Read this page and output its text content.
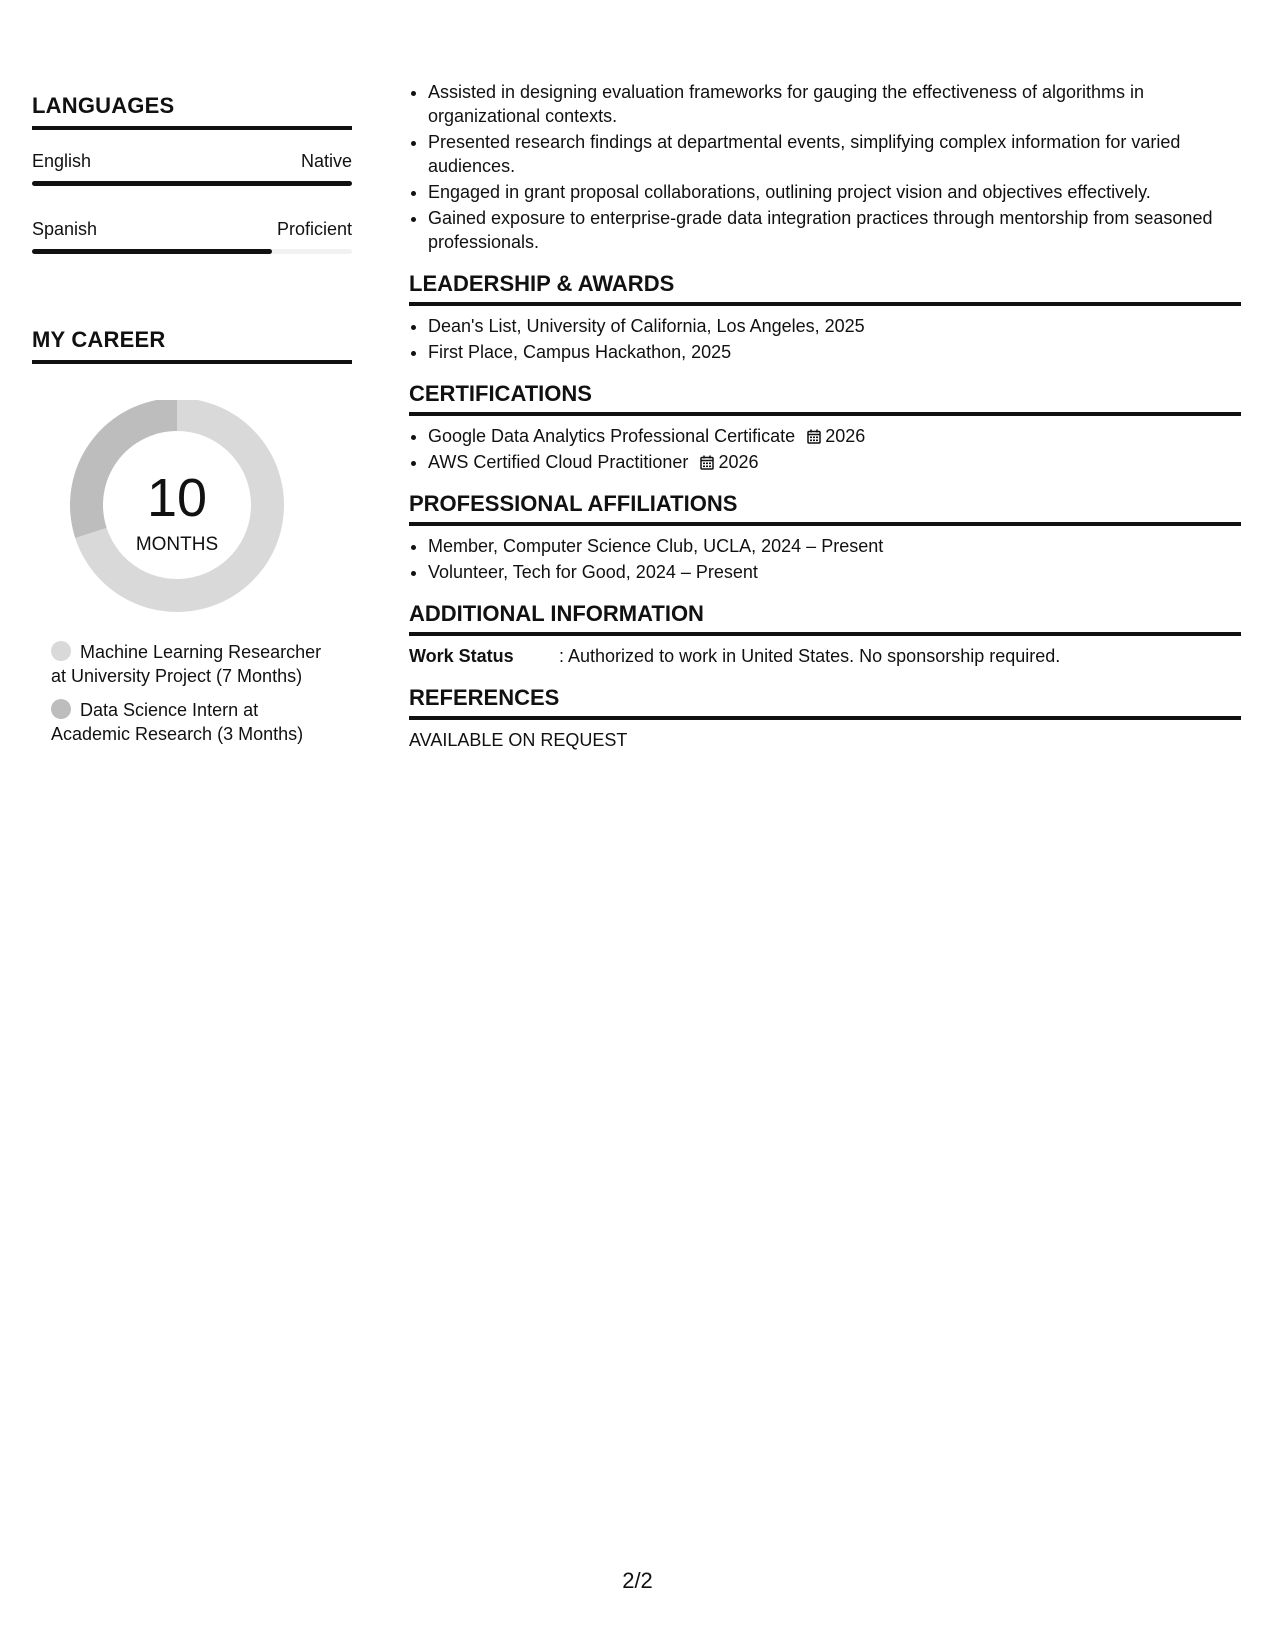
LANGUAGES
English	Native
Spanish	Proficient
MY CAREER
10
MONTHS
Machine Learning Researcher at University Project (7 Months)
Data Science Intern at Academic Research (3 Months)
• Assisted in designing evaluation frameworks for gauging the effectiveness of algorithms in organizational contexts.
• Presented research findings at departmental events, simplifying complex information for varied audiences.
• Engaged in grant proposal collaborations, outlining project vision and objectives effectively.
• Gained exposure to enterprise-grade data integration practices through mentorship from seasoned professionals.
LEADERSHIP & AWARDS
• Dean's List, University of California, Los Angeles, 2025
• First Place, Campus Hackathon, 2025
CERTIFICATIONS
• Google Data Analytics Professional Certificate 2026
• AWS Certified Cloud Practitioner 2026
PROFESSIONAL AFFILIATIONS
• Member, Computer Science Club, UCLA, 2024 – Present
• Volunteer, Tech for Good, 2024 – Present
ADDITIONAL INFORMATION
Work Status	: Authorized to work in United States. No sponsorship required.
REFERENCES
AVAILABLE ON REQUEST
2/2
